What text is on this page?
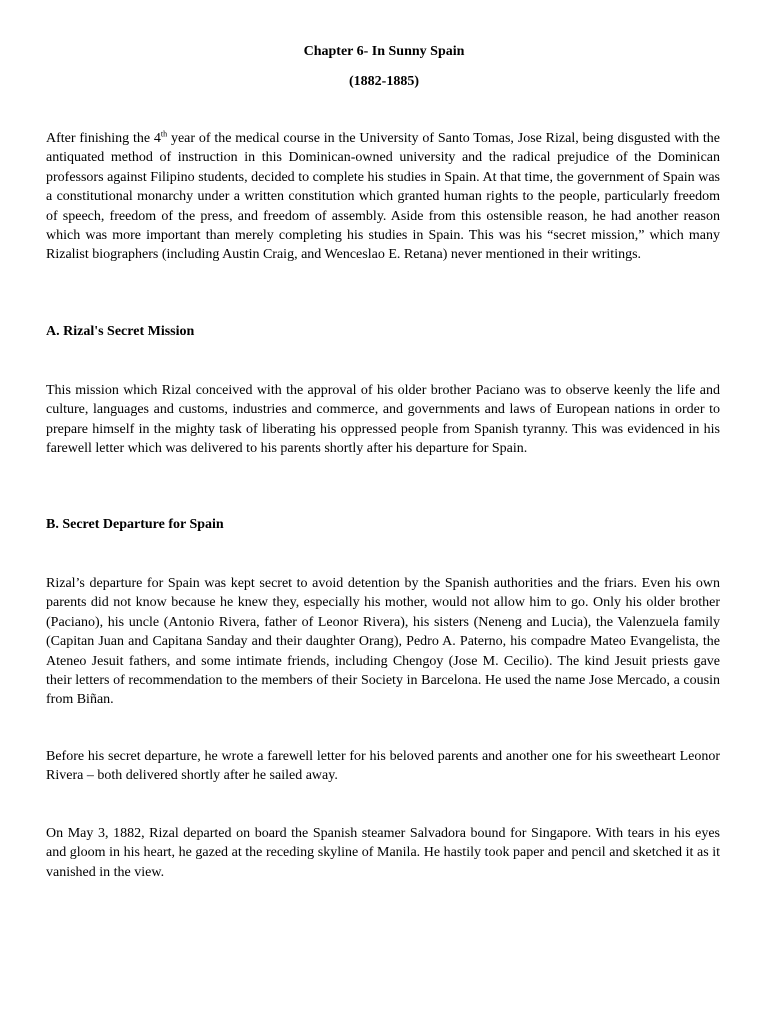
Chapter 6- In Sunny Spain

(1882-1885)

After finishing the 4th year of the medical course in the University of Santo Tomas, Jose Rizal, being disgusted with the antiquated method of instruction in this Dominican-owned university and the radical prejudice of the Dominican professors against Filipino students, decided to complete his studies in Spain. At that time, the government of Spain was a constitutional monarchy under a written constitution which granted human rights to the people, particularly freedom of speech, freedom of the press, and freedom of assembly. Aside from this ostensible reason, he had another reason which was more important than merely completing his studies in Spain. This was his “secret mission,” which many Rizalist biographers (including Austin Craig, and Wenceslao E. Retana) never mentioned in their writings.

A. Rizal's Secret Mission

This mission which Rizal conceived with the approval of his older brother Paciano was to observe keenly the life and culture, languages and customs, industries and commerce, and governments and laws of European nations in order to prepare himself in the mighty task of liberating his oppressed people from Spanish tyranny. This was evidenced in his farewell letter which was delivered to his parents shortly after his departure for Spain.

B. Secret Departure for Spain

Rizal’s departure for Spain was kept secret to avoid detention by the Spanish authorities and the friars. Even his own parents did not know because he knew they, especially his mother, would not allow him to go. Only his older brother (Paciano), his uncle (Antonio Rivera, father of Leonor Rivera), his sisters (Neneng and Lucia), the Valenzuela family (Capitan Juan and Capitana Sanday and their daughter Orang), Pedro A. Paterno, his compadre Mateo Evangelista, the Ateneo Jesuit fathers, and some intimate friends, including Chengoy (Jose M. Cecilio). The kind Jesuit priests gave their letters of recommendation to the members of their Society in Barcelona. He used the name Jose Mercado, a cousin from Biñan.

Before his secret departure, he wrote a farewell letter for his beloved parents and another one for his sweetheart Leonor Rivera – both delivered shortly after he sailed away.

On May 3, 1882, Rizal departed on board the Spanish steamer Salvadora bound for Singapore. With tears in his eyes and gloom in his heart, he gazed at the receding skyline of Manila. He hastily took paper and pencil and sketched it as it vanished in the view.
